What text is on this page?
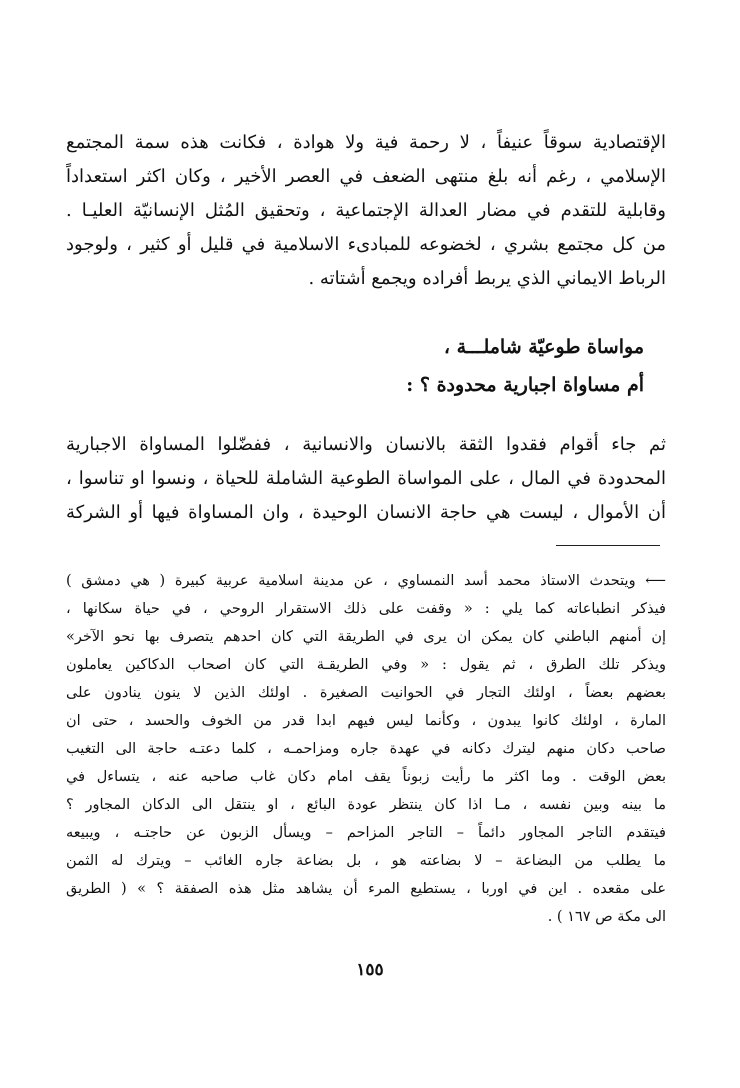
الإقتصادية سوقاً عنيفاً ، لا رحمة فية ولا هوادة ، فكانت هذه سمة المجتمع
الإسلامي ، رغم أنه بلغ منتهى الضعف في العصر الأخير ، وكان اكثر استعداداً
وقابلية للتقدم في مضار العدالة الإجتماعية ، وتحقيق المُثل الإنسانيّة العليـا .
من كل مجتمع بشري ، لخضوعه للمبادىء الاسلامية في قليل أو كثير ، ولوجود
الرباط الايماني الذي يربط أفراده ويجمع أشتاته .
مواساة طوعيّة شاملـــة ،
أم مساواة اجبارية محدودة ؟ :
ثم جاء أقوام فقدوا الثقة بالانسان والانسانية ، ففضّلوا المساواة الاجبارية
المحدودة في المال ، على المواساة الطوعية الشاملة للحياة ، ونسوا او تناسوا ،
أن الأموال ، ليست هي حاجة الانسان الوحيدة ، وان المساواة فيها أو الشركة
⟵ ويتحدث الاستاذ محمد أسد النمساوي ، عن مدينة اسلامية عربية كبيرة ( هي دمشق )
فيذكر انطباعاته كما يلي : « وقفت على ذلك الاستقرار الروحي ، في حياة سكانها ،
إن أمنهم الباطني كان يمكن ان يرى في الطريقة التي كان احدهم يتصرف بها نحو الآخر»
ويذكر تلك الطرق ، ثم يقول : « وفي الطريقـة التي كان اصحاب الدكاكين يعاملون
بعضهم بعضاً ، اولئك التجار في الحوانيت الصغيرة . اولئك الذين لا ينون ينادون على
المارة ، اولئك كانوا يبدون ، وكأنما ليس فيهم ابدا قدر من الخوف والحسد ، حتى ان
صاحب دكان منهم ليترك دكانه في عهدة جاره ومزاحمـه ، كلما دعتـه حاجة الى التغيب
بعض الوقت . وما اكثر ما رأيت زبوناً يقف امام دكان غاب صاحبه عنه ، يتساءل في
ما بينه وبين نفسه ، مـا اذا كان ينتظر عودة البائع ، او ينتقل الى الدكان المجاور ؟
فيتقدم التاجر المجاور دائماً – التاجر المزاحم – ويسأل الزبون عن حاجتـه ، ويبيعه
ما يطلب من البضاعة – لا بضاعته هو ، بل بضاعة جاره الغائب – ويترك له الثمن
على مقعده . اين في اوربا ، يستطيع المرء أن يشاهد مثل هذه الصفقة ؟ » ( الطريق
الى مكة ص ١٦٧ ) .
١٥٥
